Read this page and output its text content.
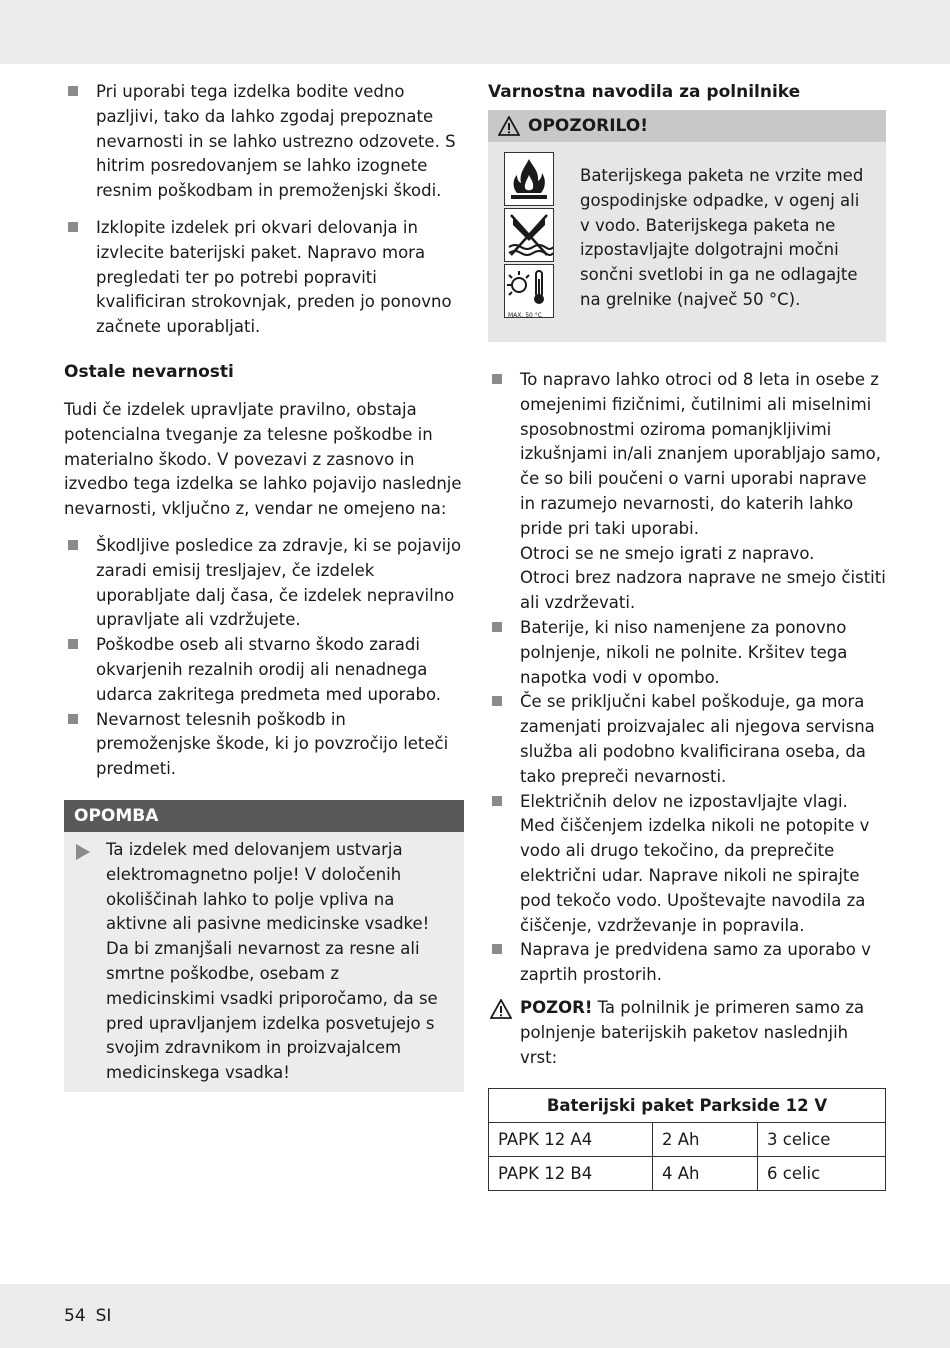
Pri uporabi tega izdelka bodite vedno pazljivi, tako da lahko zgodaj prepoznate nevarnosti in se lahko ustrezno odzovete. S hitrim posredovanjem se lahko izognete resnim poškodbam in premoženjski škodi.
Izklopite izdelek pri okvari delovanja in izvlecite baterijski paket. Napravo mora pregledati ter po potrebi popraviti kvalificiran strokovnjak, preden jo ponovno začnete uporabljati.
Ostale nevarnosti

Tudi če izdelek upravljate pravilno, obstaja potencialna tveganje za telesne poškodbe in materialno škodo. V povezavi z zasnovo in izvedbo tega izdelka se lahko pojavijo naslednje nevarnosti, vključno z, vendar ne omejeno na:

Škodljive posledice za zdravje, ki se pojavijo zaradi emisij tresljajev, če izdelek uporabljate dalj časa, če izdelek nepravilno upravljate ali vzdržujete.
Poškodbe oseb ali stvarno škodo zaradi okvarjenih rezalnih orodij ali nenadnega udarca zakritega predmeta med uporabo.
Nevarnost telesnih poškodb in premoženjske škode, ki jo povzročijo leteči predmeti.
OPOMBA
Ta izdelek med delovanjem ustvarja elektromagnetno polje! V določenih okoliščinah lahko to polje vpliva na aktivne ali pasivne medicinske vsadke! Da bi zmanjšali nevarnost za resne ali smrtne poškodbe, osebam z medicinskimi vsadki priporočamo, da se pred upravljanjem izdelka posvetujejo s svojim zdravnikom in proizvajalcem medicinskega vsadka!
Varnostna navodila za polnilnike
OPOZORILO!
MAX. 50 °C
Baterijskega paketa ne vrzite med gospodinjske odpadke, v ogenj ali v vodo. Baterijskega paketa ne izpostavljajte dolgotrajni močni sončni svetlobi in ga ne odlagajte na grelnike (največ 50 °C).
To napravo lahko otroci od 8 leta in osebe z omejenimi fizičnimi, čutilnimi ali miselnimi sposobnostmi oziroma pomanjkljivimi izkušnjami in/ali znanjem uporabljajo samo, če so bili poučeni o varni uporabi naprave in razumejo nevarnosti, do katerih lahko pride pri taki uporabi.
Otroci se ne smejo igrati z napravo.
Otroci brez nadzora naprave ne smejo čistiti ali vzdrževati.
Baterije, ki niso namenjene za ponovno polnjenje, nikoli ne polnite. Kršitev tega napotka vodi v opombo.
Če se priključni kabel poškoduje, ga mora zamenjati proizvajalec ali njegova servisna služba ali podobno kvalificirana oseba, da tako prepreči nevarnosti.
Električnih delov ne izpostavljajte vlagi. Med čiščenjem izdelka nikoli ne potopite v vodo ali drugo tekočino, da preprečite električni udar. Naprave nikoli ne spirajte pod tekočo vodo. Upoštevajte navodila za čiščenje, vzdrževanje in popravila.
Naprava je predvidena samo za uporabo v zaprtih prostorih.
POZOR! Ta polnilnik je primeren samo za polnjenje baterijskih paketov naslednjih vrst:
Baterijski paket Parkside 12 V		
PAPK 12 A4	2 Ah	3 celice
PAPK 12 B4	4 Ah	6 celic
54 SI
